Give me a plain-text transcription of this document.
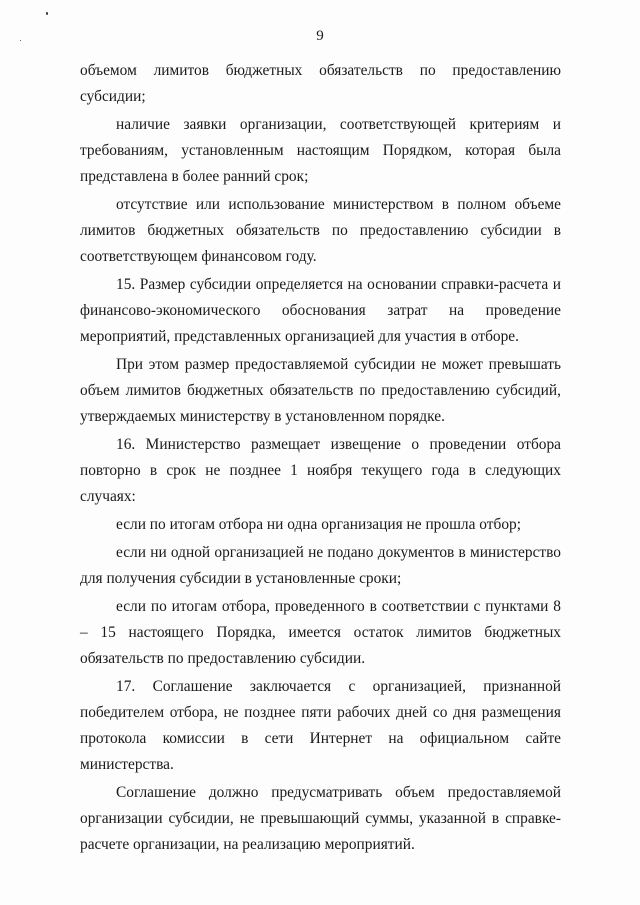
9

объемом лимитов бюджетных обязательств по предоставлению субсидии;

наличие заявки организации, соответствующей критериям и требованиям, установленным настоящим Порядком, которая была представлена в более ранний срок;

отсутствие или использование министерством в полном объеме лимитов бюджетных обязательств по предоставлению субсидии в соответствующем финансовом году.

15. Размер субсидии определяется на основании справки-расчета и финансово-экономического обоснования затрат на проведение мероприятий, представленных организацией для участия в отборе.

При этом размер предоставляемой субсидии не может превышать объем лимитов бюджетных обязательств по предоставлению субсидий, утверждаемых министерству в установленном порядке.

16. Министерство размещает извещение о проведении отбора повторно в срок не позднее 1 ноября текущего года в следующих случаях:

если по итогам отбора ни одна организация не прошла отбор;

если ни одной организацией не подано документов в министерство для получения субсидии в установленные сроки;

если по итогам отбора, проведенного в соответствии с пунктами 8 – 15 настоящего Порядка, имеется остаток лимитов бюджетных обязательств по предоставлению субсидии.

17. Соглашение заключается с организацией, признанной победителем отбора, не позднее пяти рабочих дней со дня размещения протокола комиссии в сети Интернет на официальном сайте министерства.

Соглашение должно предусматривать объем предоставляемой организации субсидии, не превышающий суммы, указанной в справке-расчете организации, на реализацию мероприятий.
